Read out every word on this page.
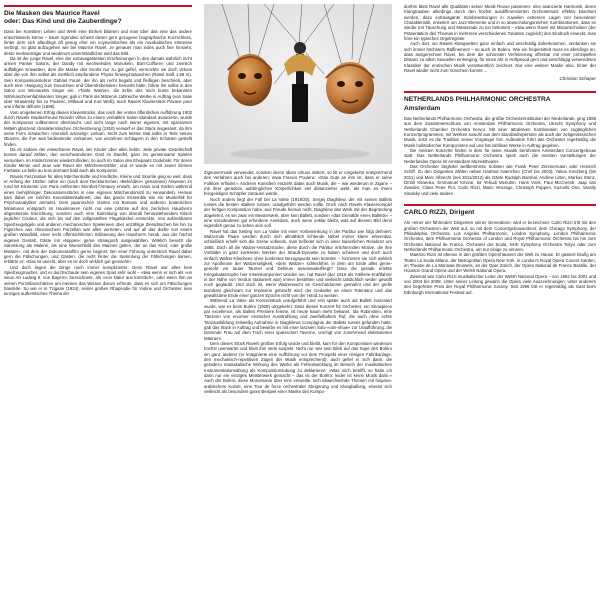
Die Masken des Maurice Ravel
oder: Das Kind und die Zauberdinge?

Dass bei Künstlern Leben und Werk eine Einheit bildeten und man über das eine das andere entschlüsseln könne – kaum irgendwo scheint dieser gern gezogene biographische Kurzschluss, hinter dem sich allerdings oft genug eher ein voyeuristisches als ein musikalisches Interesse verbirgt, so glatt aufzugehen wie bei Maurice Ravel. Je genauer man indes auch hier hinsieht, desto merkwürdiger und wiederum unverständlicher wird das Bild.

Da ist der junge Ravel, eine der extravagantesten Erscheinungen in den damals wahrlich nicht armen Pariser Salons, der Dandy mit wechselnden Monokeln, Bart-Coiffuren und ziemlich auffälligen Krawatten, dem die Maske des Snobs nur zu gut gefiel, vermochte sie doch virtuos über die von ihm selbst als merklich empfundene Physis hinwegzutäuschen (Ravel maß 1,58 m). Sein Kompositionslehrer Gabriel Fauré, der ihn als recht begabt und fleißigen beschrieb, aber auch eine »Neigung zum Gesuchten und Überstrebenden« bemerkt hatte, führte ihn sollist in den Salon von Winnaretta Singer ein. »Tante Winnie«, die Erbin des reich bunte bekannten Nähmaschinenfabrikanten Singer, gab in Paris als Mäzenin zahlreiche Werke in Auftrag (von Satie über Strawinsky bis zu Poulenc, Milhaud und Kurt Weill), auch Ravels Klavierstück Pavane pour une infante défunte (1899).

Vom umgebenen Erfolg dieses Klavierstücks, das nach der ersten öffentlichen Aufführung 1902 durch Ravels Studienfreund Ricardo Viñes zu einem veritablen Salon-Standard avancierte, wurde der Komponist vollkommen überrascht, und nicht lange nach seiner eigenen, mit sparsamen Mitteln glänzend charakteristischen Orchestrierung (1910) verwarf er das Stück insgesamt, da ihm seine Form inzwischen »ziemlich armselig« vorkam. Nicht zum letzten Mal sollte er Teile seines Œuvres, die ihm weit bedeutender vorkamen, von einzelnen Schlagern in den Schatten gestellt finden.

Da ist sodann der erwachsene Ravel, der Kinder über alles liebte. Jede private Gesellschaft konnte darauf zählen, den verschwundenen Gast im Zweifel, ganz ins gemeinsame Spielen versunken, im Kinderzimmer wiederzufinden; so auch im Salon des Ehepaars Godebski: Für deren Kinder Mimie und Jean war Ravel der Märchenerzähler, und er wurde es mit seiner kleinen Fantasie La belle au bois dormant bald auch als Komponist.

Ravels Faszination für alles Märchenhafte und Kindliche, Kleine und Skurrile ging so weit, dass er Anfang der 1920er Jahre ein (nach dem Deckturmchen »Belvédère« genanntes) Anwesen im rund 50 Kilometer von Paris entfernten Montfort-l'Amaury erwarb, um Haus und Garten während eines mehrjährigen Dekorationsstücks in eine eigenes Märchendomizil zu verwandeln. Heraus kam dabei ein solches Kuriositätenkabinett, das das ganze Ensemble wie ein Musterfall für Psychoanalytiker anmutet. Dem japanischen Garten mit Bonsais und anderen botanischen Miniaturen entsprach im Hausinneren nicht nur eine präzise auf den zierlichen Hausherrn abgestimmte Einrichtung, sondern auch eine Sammlung von überall herumstehendem Kitsch jeglicher Couleur, die sich bis auf den vollgestellten Flügeldeckel erstreckte. Von aufziehbaren Spielzeugvögeln und anderen mechanischen Spielereien über unzählige Ziersdöschen bis hin zu Figürchen aus chinesischem Porzellan war alles vertreten, und auf all das durfte von einem großen Wandbild, einer recht offensichtlichen Stilisierung des Hausherrn herab, aus der höchst eigenen Gestalt, Gäste mit »Nippes« gerne strategisch ausgewählten. Wirklich besetzt die Sammlung als Malerei, als eine Wunschbild des Mannes gelten, der an das Kind, »der große Meister«, mit dem der Dokumentarfilm gerne beginnt. Bei einer Führung unterstrich Ravel dabei gern die Fälschungen, und Gästen, die nicht hinter die Sammlung der Fälschungen kamen, erklärte er: »Das ist unecht, aber es ist doch wirklich gut gemacht!«

Und doch liegen die Dinge noch immer komplizierter. Denn Ravel war alles kein Spielzeugmacher, und er durchschaute sein eigenes Spiel sehr wohl – etwa wenn er sich als »un vieux Art Ludwig II. von Bayern« bezeichnete, als »von Natur aus künstlich«, oder wenn ihm an seinen Porzellanschätzen am meisten das Wissen darum erfreute, dass es sich um Fälschungen handelte. So wie er in Tzigane (1924), seiner großen Rhapsodie für Violine und Orchester, kein einziges authentisches Thema der

Zigeunermusik verwendet, sondern deren Idiom virtuos imitiert, so litt er umgekehrt entsprechend den Verfahren auch bei anderen, etwa Francis Poulenc: »Das Gute an ihm ist, dass er seine Folklore erfindet.« Anderen Künstlern entzieht dabei auch Musik, die – wie wiederum in Zigane – mit ihrer geradezu aufdringlichen Körperlichkeit viel distanzierter wirkt, als man es ihrem feingeistigen Schöpfer zutrauen würde.

Noch anders liegt der Fall bei La Valse (1919/20). Sergej Diaghilew, der mit seinen Ballets russes die besten ›Ballets russes‹ uraufgeführt werden sollte. Doch nach Ravels Klaviervorspiel der fertigen Komposition habe, aus Freude heraus nicht, Diaghilew das Werk mit der Begründung abgelehnt, es sei zwar ein Meisterwerk, aber kein Ballett, sondern »das Gemälde eines Balletts« – eine missdeuteten gut erfundene Anekdote, auch wenn unklar bleibt, was auf diesem Bild denn eigentlich genau zu sehen sein soll.

Ravel hat das Setting von La Valse mit einer Vorbemerkung in der Partitur wie folgt definiert: Walzernde Paare werden durch sich allmählich lichtende Nebel immer klarer erkennbar, schließlich erhellt sich die Szene vollends, man befindet sich in einer kaiserlichen Residenz um 1855. Doch all die Walzer-Versatzstücke, diese durch die Partitur irrlichternden Motive, die ihre Vorbilder in ganz konkreten Werken der Strauß-Dynastie zu haben scheinen und doch auch einfach Walzer-Klischees ohne konkretes Bezugspunkt sein könnten – formieren sie sich wirklich zur Apotheose der Walzerseligkeit, »dem Walzer« schlechthin, in dem am Ende alles genre-gerecht vor lauter Taumel und Delirium auseinanderfliegt? Dass die gerade erlebte Kriegskatastrophe hier miteinkomponiert worden sei, hat Ravel (der 1916 als Artillerie-Kraftfahrer in der Nähe von Verdun stationiert war) immer bestritten und vielleicht tatsächlich weder gewollt noch geglaubt. Und doch ist, wenn Walzerwucht an Geschütdonner gemahnt und der grelle Bombast gleichsam zur Implosion gebracht wird, der Gedanke an einen Totentanz und das gewaltsame Ende einer ganzen Epoche nicht von der Hand zu weisen.

Während La Valse als Konzertstück uraufgeführt und erst später auch als Ballett inszeniert wurde, war es beim Boléro (1928) umgekehrt: Dass dieses Konzert für Orchester, ein Showpiece par excellence, als Ballett Premiere feierte, ist heute kaum mehr bekannt. Ida Rubinstein, eine Tänzerin von enormer erotischer Ausstrahlung und zweifelhaftem Ruf, die auch ohne echte Tanzausbildung zeitweilig Aufnahme in Diaghilews Compagnie der Ballets russes gefunden hatte, gab das Stück in Auftrag und bewirbe es mit einer lasziven Solo-»one-show« zur Uraufführung: die tanzende Frau auf dem Tisch einer spanischen Taverne, umringt von zunehmend elektrisierten Männern.

Dem dieses Stück Ravels größter Erfolg wurde und bleibt, kam für den Komponisten wiederum höchst unerwartet und blieb ihm stets suspekt. Nicht nur war sein Blick auf das Sujet des Boléro ein ganz anderer (er imaginierte eine Aufführung vor dem Prospekt einer riesigen Fabrikanlage, den mechanisch-repetitiven Zügen der Musik entsprechend); auch gefiel er sich darin, die geradezu maniakalische Wirkung des Werks als Fehlentwicklung im Bereich der musikalischen Instrumentationsübung als Kompositionsübung zu deklarieren: »Was mich betrifft, so habe ich darin nur ein einziges Meisterwerk gemacht – das ist der Boléro; leider ist keine Musik darin.« Auch der Boléro, diese Monomanie über eine verweilte, sich abwechselnde Themen mit hispano-arabischem Kolorit, eine Tour de force orchestraler Steigerung und Klangballung, erweist sich vielleicht als besonders gutes Beispiel einer Maske des Kompo-

dorthin lässt Ravel alle Qualitäten seiner Musik Revue passieren: eine avancierte Harmonik, deren Klangtrauben allerdings durch den höchst ausdifferenzierten Orchestersatz effektiv kaschiert werden, dazu extravagante Solobesetzungen in zuweilen extremen Lagen von besonderer Charakteristik, erweitert um Jazz-Elemente und in so abwechslungsreichen Kombinationen, dass es wieder mit Täuschung und Maskerade zu tun bekommt – etwa wenn Ravel mit Mixturtechniken (der Präsentation des Themas in mehreren verschiedenen Tonarten zugleich) den Eindruck erweckt, man höre ein typisches Orgelregister.

Auch dort, wo Ravels Klangwelten ganz einfach und unschuldig daherkommen, verdanken sie sich immer höchstem Raffinement – so auch im Boléro. Wie ein freipemittelt muss es allerdings an, dass ausgerechnet Ravel, bei dem die schönsten Verfeinerung offenbar mit einer prinzipiellen Distanz zu allem Sexuellen einherging, für einen Akt in Hollywood gern und einschlägig verwendeten Klassiker der erotischen Musik verantwortlich zeichnet. Nur eine weitere Maske also, hinter der Ravel wieder nicht zum Vorschein kommt ...

Christian Schaper
NETHERLANDS PHILHARMONIC ORCHESTRA
Amsterdam

Das Netherlands Philharmonic Orchestra, die größte Orchesterinstitution der Niederlande, ging 1985 aus dem Zusammenschluss von Amsterdam Philharmonic Orchestra, Utrecht Symphony und Netherlands Chamber Orchestra hervor. Mit einer attraktiven Kombination von zugänglichen Konzertprogrammen, mit Werken sowohl aus dem Standardrepertoire als auch der zeitgenössischen Musik, setzt es die Tradition seiner Vorgänger fort. Außerdem führt das Orchester regelmäßig die Musik holländischer Komponisten auf und hat zahllose Werke in Auftrag gegeben.

Die meisten Konzerte finden in dem für seine Akustik berühmten Amsterdam Concertgebouw statt. Das Netherlands Philharmonic Orchestra spielt auch die meisten Vorstellungen der Nederlandse Opera im Amsterdam Muziektheater.

Das Orchester begleitet weltberühmte Solisten wie Frank Peter Zimmermann oder Heinrich Schiff. Zu den Dirigenten zählen neben Hartmut Haenchen (Chef bis 2003), Yakov Kreizberg (bis 2011) und Marc Albrecht (seit 2011/2012) als Gäste Rudolph Barshai, Andrew Litton, Markus Stenz, Dmitri Kitaenko, Emmanuel Krivine, Sir Yehudi Menuhin, Hans Vonk, Paul McCreesh, Jaap van Zweden, Claus Peter Flor, Carlo Rizzi, Mario Venzago, Christoph Poppen, Kazushi Ono, Vassily Sinaisky und viele andere.

CARLO RIZZI, Dirigent

Als »einer der führenden Dirigenten seiner Generation« wird er bezeichnet: Carlo Rizzi tritt mit den großen Orchestern der Welt auf, so mit dem Concertgebouworkest, dem Chicago Symphony, der Philadelphia Orchestra, Los Angeles Philharmonic, London Symphony, London Philharmonic Orchestra, dem Philharmonia Orchestra of London und Royal Philharmonic Orchestra bis hin zum Orchestre National de France, Orchester der Scala, NHK Symphony Orchestra Tokyo oder zum Netherlands Philharmonic Orchestra, um nur einige zu nennen.

Maestro Rizzi ist ebenso in den größten Opernhäusern der Welt zu Hause. Er gastiert häufig am Teatro La Scala Milano, der Metropolitan Opera New York, in London's Royal Opera Covent Garden, im Theatre de La Monnaie Brussels, an der Oper Zürich, der Opera National de France Bastille, der Houston Grand Opera und der Welsh National Opera.

Zweimal war Carlo Rizzi musikalischer Leiter der Welsh National Opera – von 1992 bis 2001 und von 2004 bis 2008. Unter seiner Leitung gewann die Opera viele Auszeichnungen, unter anderem den begehrten Preis der Royal Philharmonic Society. Seit 1996 tritt er regelmäßig als Gast beim Edinburgh International Festival auf.
